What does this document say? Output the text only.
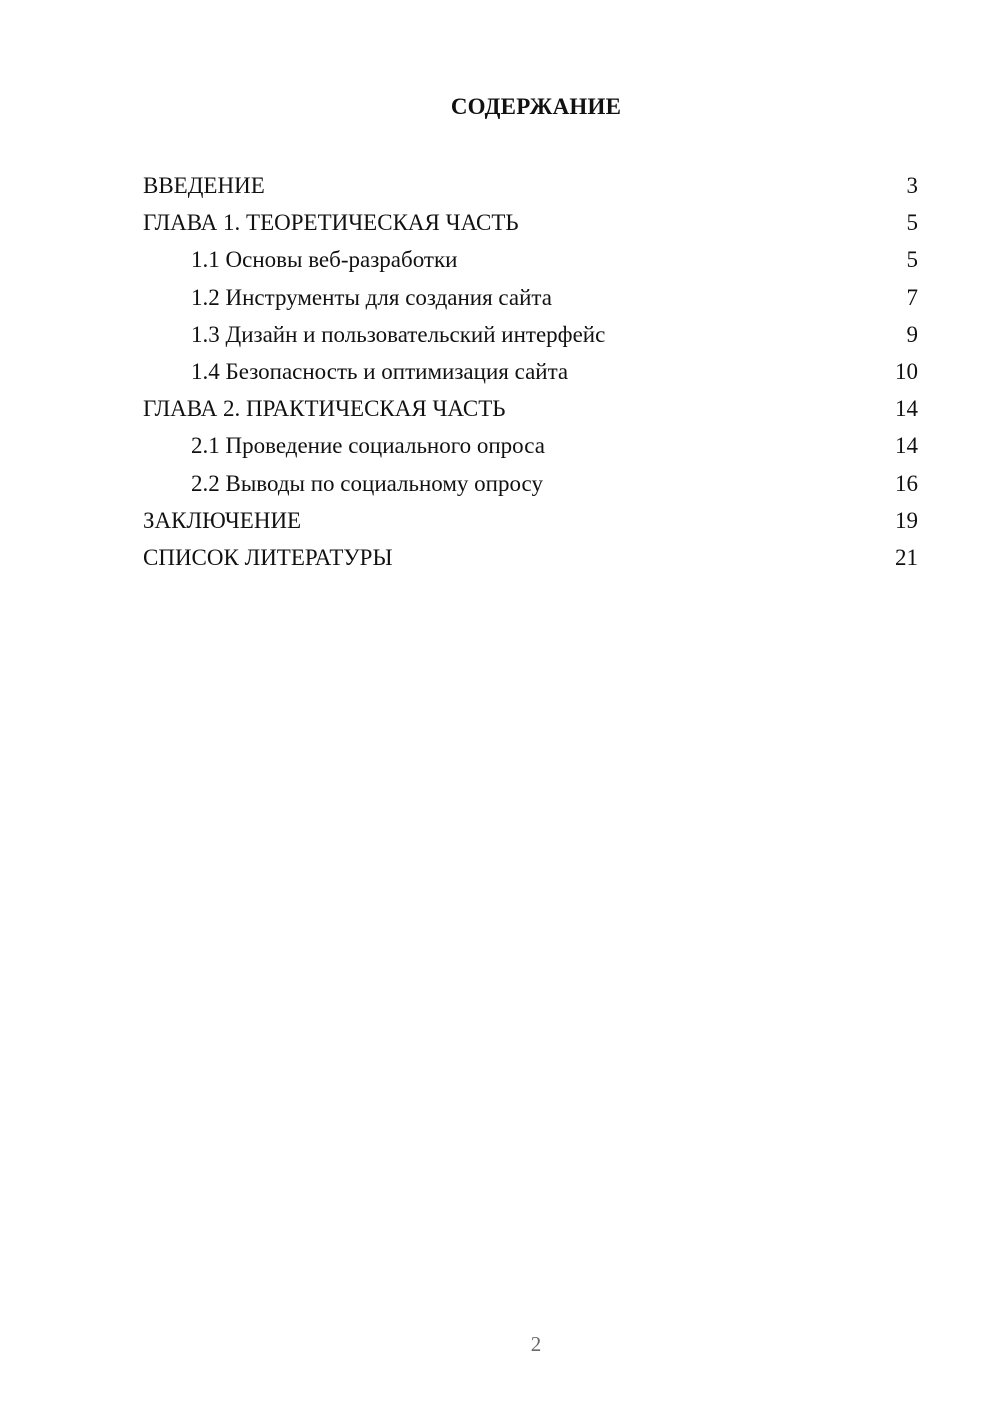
СОДЕРЖАНИЕ
ВВЕДЕНИЕ	3
ГЛАВА 1. ТЕОРЕТИЧЕСКАЯ ЧАСТЬ	5
1.1 Основы веб-разработки	5
1.2 Инструменты для создания сайта	7
1.3 Дизайн и пользовательский интерфейс	9
1.4 Безопасность и оптимизация сайта	10
ГЛАВА 2. ПРАКТИЧЕСКАЯ ЧАСТЬ	14
2.1 Проведение социального опроса	14
2.2 Выводы по социальному опросу	16
ЗАКЛЮЧЕНИЕ	19
СПИСОК ЛИТЕРАТУРЫ	21
2
